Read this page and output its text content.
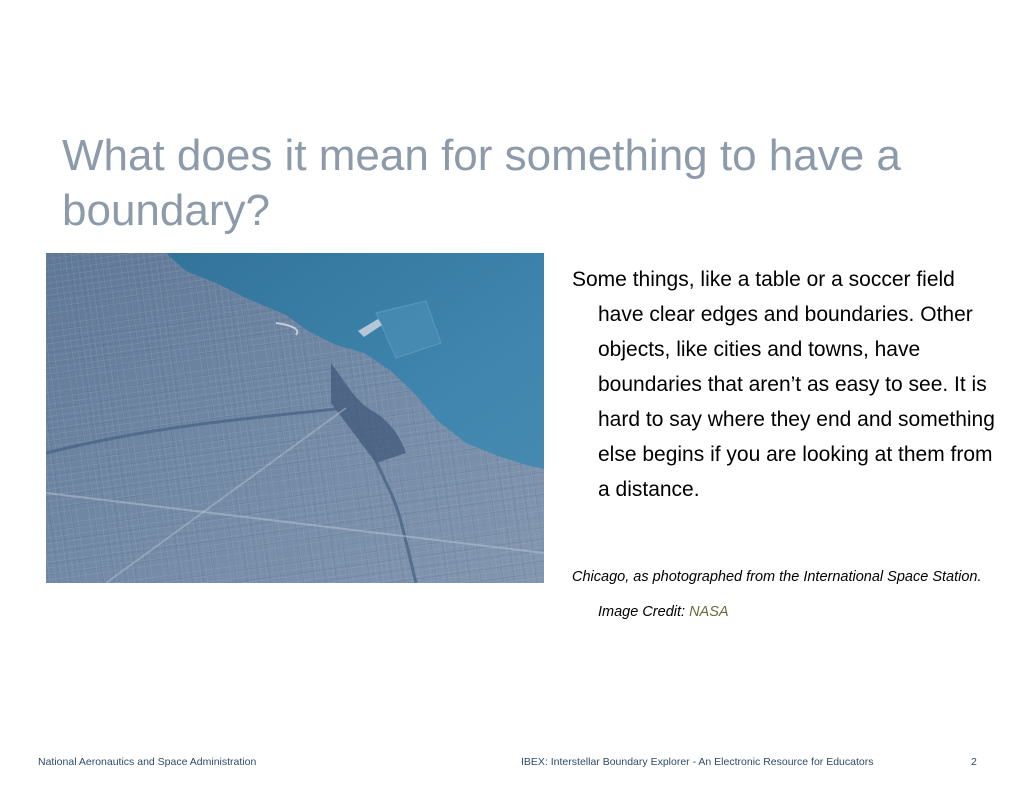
What does it mean for something to have a boundary?

Some things, like a table or a soccer field have clear edges and boundaries. Other objects, like cities and towns, have boundaries that aren’t as easy to see. It is hard to say where they end and something else begins if you are looking at them from a distance.

Chicago, as photographed from the International Space Station. Image Credit: NASA

National Aeronautics and Space Administration	IBEX: Interstellar Boundary Explorer - An Electronic Resource for Educators	2
